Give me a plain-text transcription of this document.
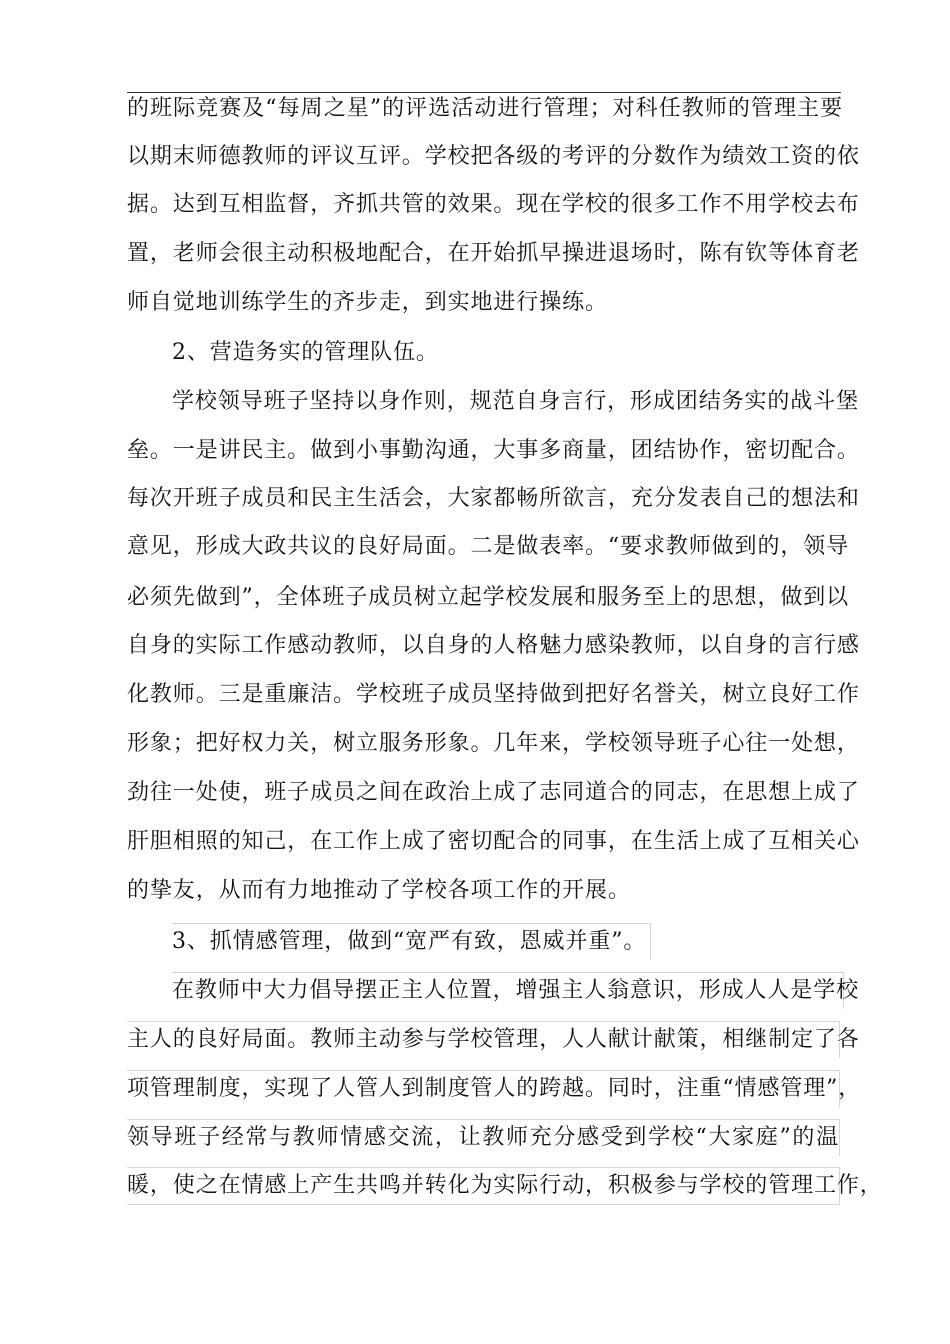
的班际竞赛及“每周之星”的评选活动进行管理；对科任教师的管理主要
以期末师德教师的评议互评。学校把各级的考评的分数作为绩效工资的依
据。达到互相监督，齐抓共管的效果。现在学校的很多工作不用学校去布
置，老师会很主动积极地配合，在开始抓早操进退场时，陈有钦等体育老
师自觉地训练学生的齐步走，到实地进行操练。
2、营造务实的管理队伍。
学校领导班子坚持以身作则，规范自身言行，形成团结务实的战斗堡
垒。一是讲民主。做到小事勤沟通，大事多商量，团结协作，密切配合。
每次开班子成员和民主生活会，大家都畅所欲言，充分发表自己的想法和
意见，形成大政共议的良好局面。二是做表率。“要求教师做到的，领导
必须先做到”，全体班子成员树立起学校发展和服务至上的思想，做到以
自身的实际工作感动教师，以自身的人格魅力感染教师，以自身的言行感
化教师。三是重廉洁。学校班子成员坚持做到把好名誉关，树立良好工作
形象；把好权力关，树立服务形象。几年来，学校领导班子心往一处想，
劲往一处使，班子成员之间在政治上成了志同道合的同志，在思想上成了
肝胆相照的知己，在工作上成了密切配合的同事，在生活上成了互相关心
的挚友，从而有力地推动了学校各项工作的开展。
3、抓情感管理，做到“宽严有致，恩威并重”。
在教师中大力倡导摆正主人位置，增强主人翁意识，形成人人是学校
主人的良好局面。教师主动参与学校管理，人人献计献策，相继制定了各
项管理制度，实现了人管人到制度管人的跨越。同时，注重“情感管理”，
领导班子经常与教师情感交流，让教师充分感受到学校“大家庭”的温
暖，使之在情感上产生共鸣并转化为实际行动，积极参与学校的管理工作，
